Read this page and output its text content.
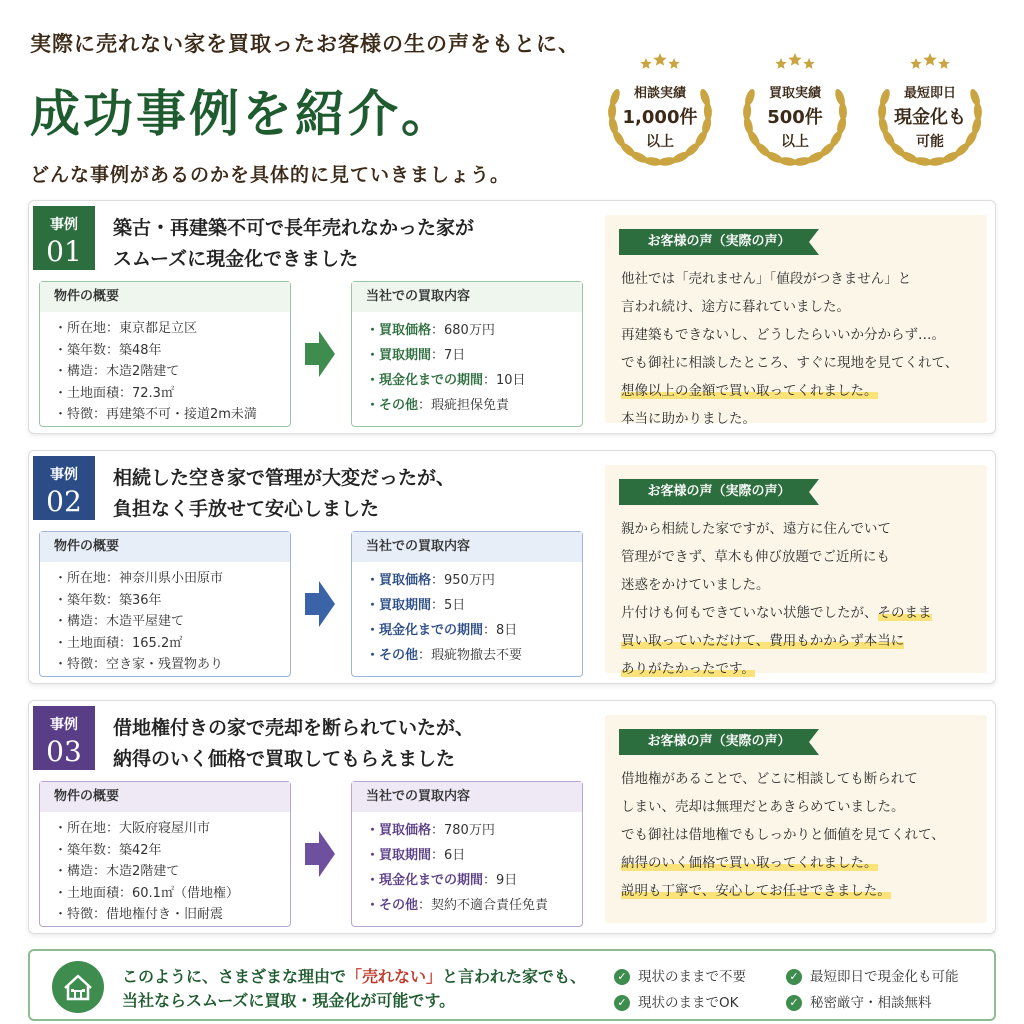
実際に売れない家を買取ったお客様の生の声をもとに、
成功事例を紹介。
どんな事例があるのかを具体的に見ていきましょう。
相談実績
1,000件
以上
買取実績
500件
以上
最短即日
現金化も
可能
事例
01
築古・再建築不可で長年売れなかった家が
スムーズに現金化できました
物件の概要
・所在地：東京都足立区
・築年数：築48年
・構造：木造2階建て
・土地面積：72.3㎡
・特徴：再建築不可・接道2m未満
当社での買取内容
・買取価格：680万円
・買取期間：7日
・現金化までの期間：10日
・その他：瑕疵担保免責
お客様の声（実際の声）

他社では「売れません」「値段がつきません」と

言われ続け、途方に暮れていました。

再建築もできないし、どうしたらいいか分からず…。

でも御社に相談したところ、すぐに現地を見てくれて、

想像以上の金額で買い取ってくれました。

本当に助かりました。

事例
02
相続した空き家で管理が大変だったが、
負担なく手放せて安心しました
物件の概要
・所在地：神奈川県小田原市
・築年数：築36年
・構造：木造平屋建て
・土地面積：165.2㎡
・特徴：空き家・残置物あり
当社での買取内容
・買取価格：950万円
・買取期間：5日
・現金化までの期間：8日
・その他：瑕疵物撤去不要
お客様の声（実際の声）

親から相続した家ですが、遠方に住んでいて

管理ができず、草木も伸び放題でご近所にも

迷惑をかけていました。

片付けも何もできていない状態でしたが、そのまま

買い取っていただけて、費用もかからず本当に

ありがたかったです。

事例
03
借地権付きの家で売却を断られていたが、
納得のいく価格で買取してもらえました
物件の概要
・所在地：大阪府寝屋川市
・築年数：築42年
・構造：木造2階建て
・土地面積：60.1㎡（借地権）
・特徴：借地権付き・旧耐震
当社での買取内容
・買取価格：780万円
・買取期間：6日
・現金化までの期間：9日
・その他：契約不適合責任免責
お客様の声（実際の声）

借地権があることで、どこに相談しても断られて

しまい、売却は無理だとあきらめていました。

でも御社は借地権でもしっかりと価値を見てくれて、

納得のいく価格で買い取ってくれました。

説明も丁寧で、安心してお任せできました。

このように、さまざまな理由で「売れない」と言われた家でも、
当社ならスムーズに買取・現金化が可能です。
✓ 現状のままで不要	✓ 最短即日で現金化も可能
✓ 現状のままでOK	✓ 秘密厳守・相談無料
